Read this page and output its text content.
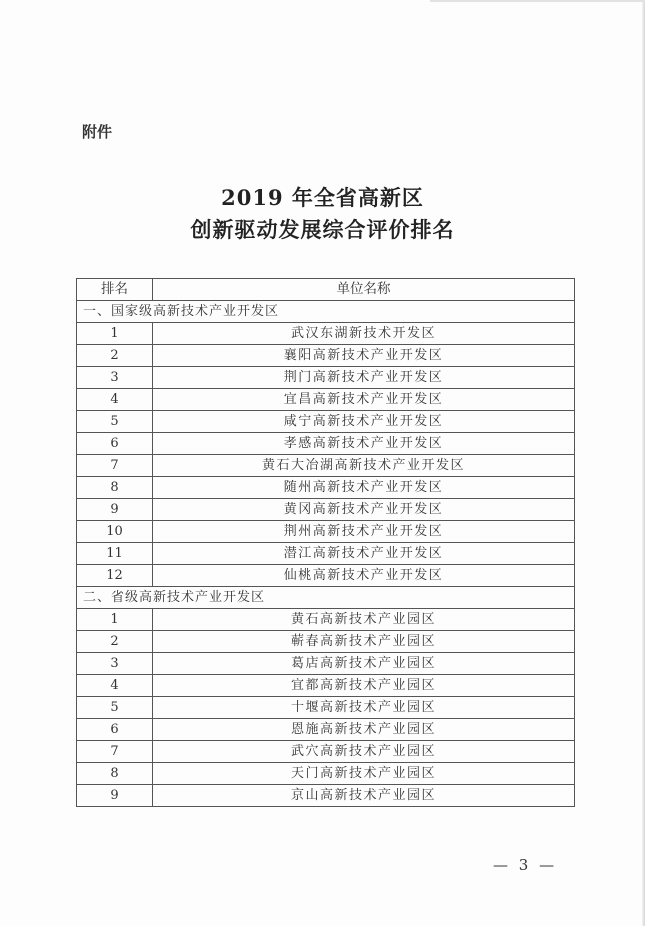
附件
2019 年全省高新区
创新驱动发展综合评价排名
排名	单位名称
一、国家级高新技术产业开发区	
1	武汉东湖新技术开发区
2	襄阳高新技术产业开发区
3	荆门高新技术产业开发区
4	宜昌高新技术产业开发区
5	咸宁高新技术产业开发区
6	孝感高新技术产业开发区
7	黄石大冶湖高新技术产业开发区
8	随州高新技术产业开发区
9	黄冈高新技术产业开发区
10	荆州高新技术产业开发区
11	潜江高新技术产业开发区
12	仙桃高新技术产业开发区
二、省级高新技术产业开发区	
1	黄石高新技术产业园区
2	蕲春高新技术产业园区
3	葛店高新技术产业园区
4	宜都高新技术产业园区
5	十堰高新技术产业园区
6	恩施高新技术产业园区
7	武穴高新技术产业园区
8	天门高新技术产业园区
9	京山高新技术产业园区
— 3 —
